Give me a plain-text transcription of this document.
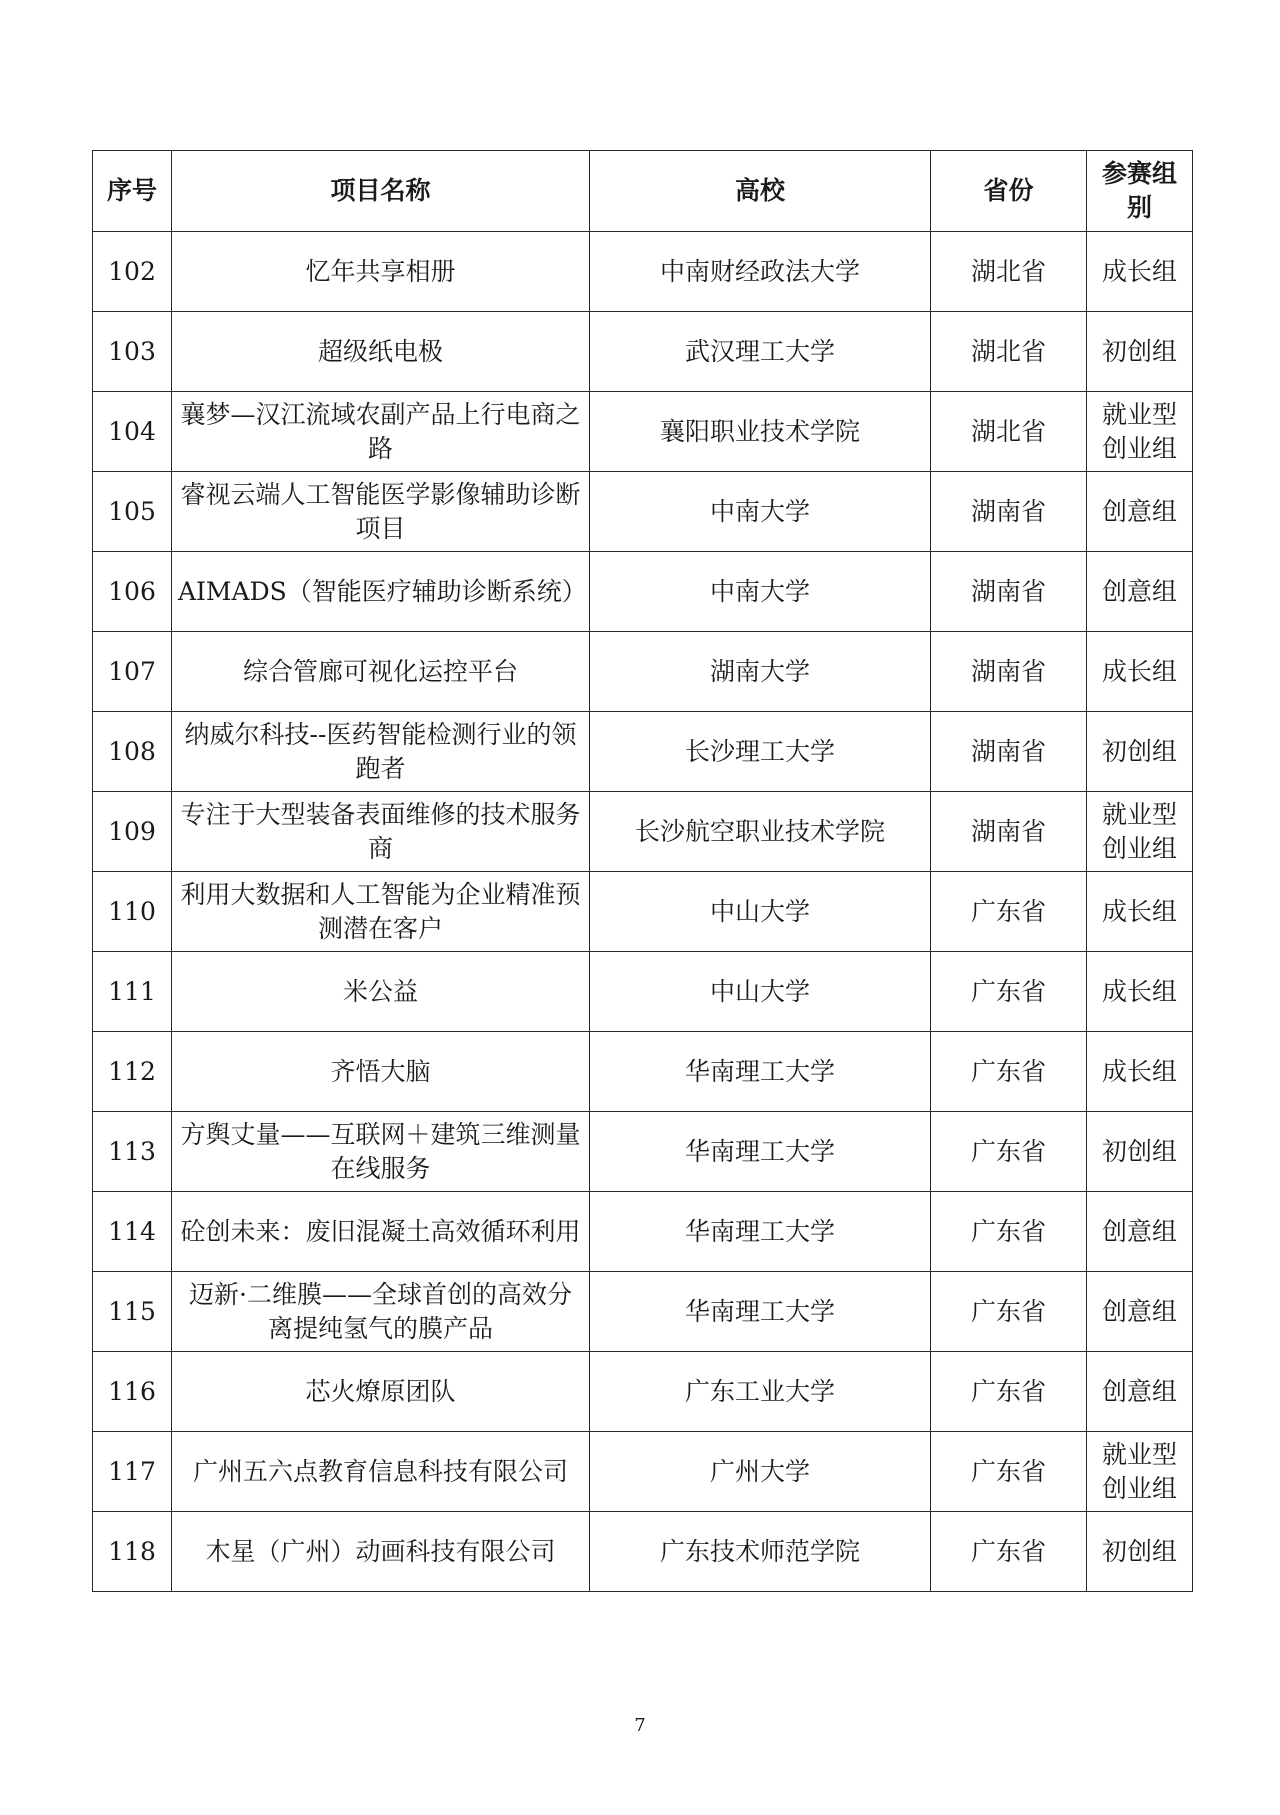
序号	项目名称	高校	省份	参赛组别
102	忆年共享相册	中南财经政法大学	湖北省	成长组
103	超级纸电极	武汉理工大学	湖北省	初创组
104	襄梦—汉江流域农副产品上行电商之路	襄阳职业技术学院	湖北省	就业型创业组
105	睿视云端人工智能医学影像辅助诊断项目	中南大学	湖南省	创意组
106	AIMADS（智能医疗辅助诊断系统）	中南大学	湖南省	创意组
107	综合管廊可视化运控平台	湖南大学	湖南省	成长组
108	纳威尔科技--医药智能检测行业的领跑者	长沙理工大学	湖南省	初创组
109	专注于大型装备表面维修的技术服务商	长沙航空职业技术学院	湖南省	就业型创业组
110	利用大数据和人工智能为企业精准预测潜在客户	中山大学	广东省	成长组
111	米公益	中山大学	广东省	成长组
112	齐悟大脑	华南理工大学	广东省	成长组
113	方舆丈量——互联网＋建筑三维测量在线服务	华南理工大学	广东省	初创组
114	砼创未来：废旧混凝土高效循环利用	华南理工大学	广东省	创意组
115	迈新·二维膜——全球首创的高效分离提纯氢气的膜产品	华南理工大学	广东省	创意组
116	芯火燎原团队	广东工业大学	广东省	创意组
117	广州五六点教育信息科技有限公司	广州大学	广东省	就业型创业组
118	木星（广州）动画科技有限公司	广东技术师范学院	广东省	初创组
7
